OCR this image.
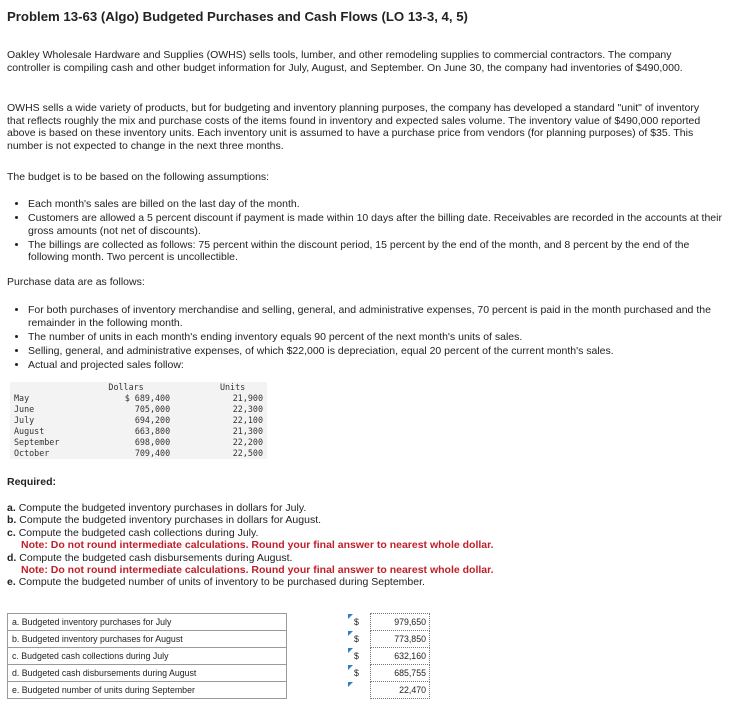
Problem 13-63 (Algo) Budgeted Purchases and Cash Flows (LO 13-3, 4, 5)
Oakley Wholesale Hardware and Supplies (OWHS) sells tools, lumber, and other remodeling supplies to commercial contractors. The company controller is compiling cash and other budget information for July, August, and September. On June 30, the company had inventories of $490,000.
OWHS sells a wide variety of products, but for budgeting and inventory planning purposes, the company has developed a standard "unit" of inventory that reflects roughly the mix and purchase costs of the items found in inventory and expected sales volume. The inventory value of $490,000 reported above is based on these inventory units. Each inventory unit is assumed to have a purchase price from vendors (for planning purposes) of $35. This number is not expected to change in the next three months.
The budget is to be based on the following assumptions:
• Each month's sales are billed on the last day of the month.
• Customers are allowed a 5 percent discount if payment is made within 10 days after the billing date. Receivables are recorded in the accounts at their gross amounts (not net of discounts).
• The billings are collected as follows: 75 percent within the discount period, 15 percent by the end of the month, and 8 percent by the end of the following month. Two percent is uncollectible.
Purchase data are as follows:
• For both purchases of inventory merchandise and selling, general, and administrative expenses, 70 percent is paid in the month purchased and the remainder in the following month.
• The number of units in each month's ending inventory equals 90 percent of the next month's units of sales.
• Selling, general, and administrative expenses, of which $22,000 is depreciation, equal 20 percent of the current month's sales.
• Actual and projected sales follow:
	Dollars		Units
May	$ 689,400		21,900
June	705,000		22,300
July	694,200		22,100
August	663,800		21,300
September	698,000		22,200
October	709,400		22,500
Required:
a. Compute the budgeted inventory purchases in dollars for July.
b. Compute the budgeted inventory purchases in dollars for August.
c. Compute the budgeted cash collections during July.
Note: Do not round intermediate calculations. Round your final answer to nearest whole dollar.
d. Compute the budgeted cash disbursements during August.
Note: Do not round intermediate calculations. Round your final answer to nearest whole dollar.
e. Compute the budgeted number of units of inventory to be purchased during September.
a. Budgeted inventory purchases for July		$	979,650
b. Budgeted inventory purchases for August		$	773,850
c. Budgeted cash collections during July		$	632,160
d. Budgeted cash disbursements during August		$	685,755
e. Budgeted number of units during September			22,470
